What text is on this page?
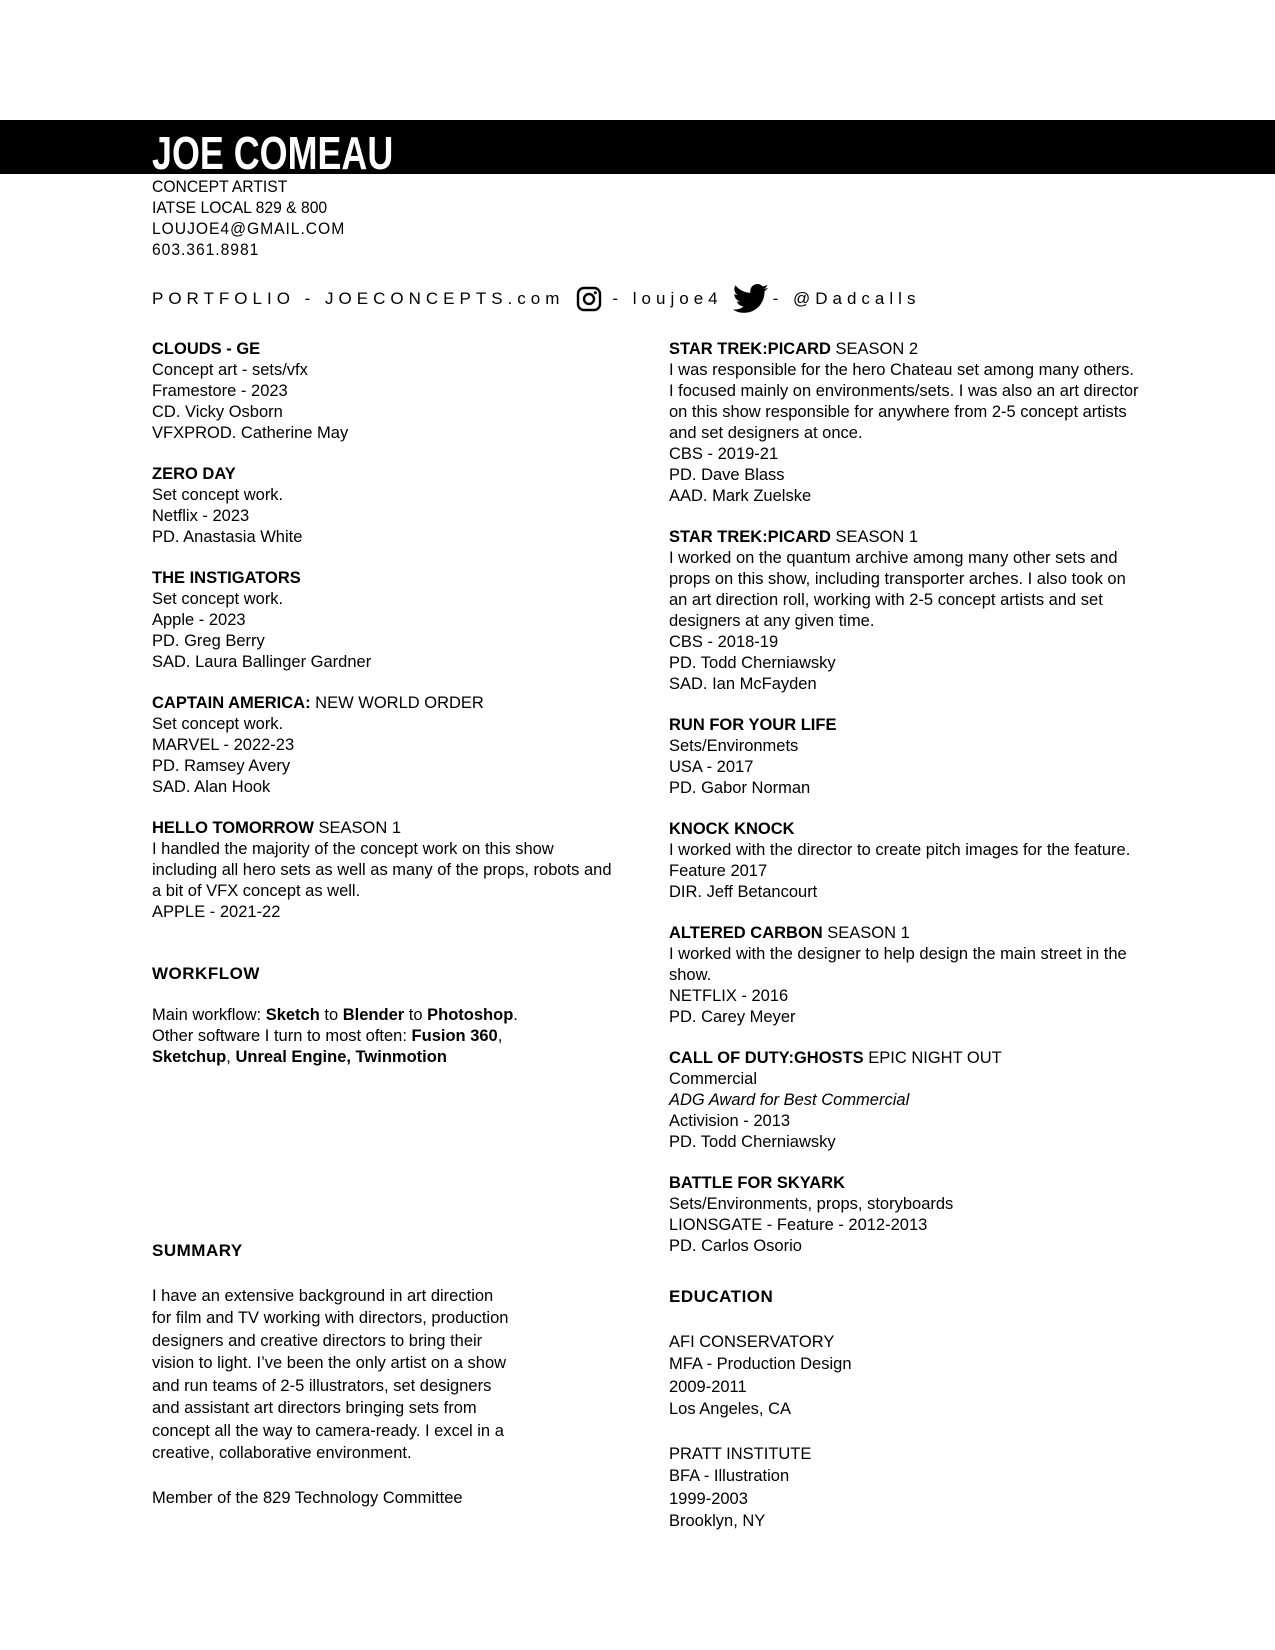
JOE COMEAU
CONCEPT ARTIST
IATSE LOCAL 829 & 800
LOUJOE4@GMAIL.COM
603.361.8981
PORTFOLIO - JOECONCEPTS.com	- loujoe4	- @Dadcalls
CLOUDS - GE
Concept art - sets/vfx
Framestore - 2023
CD. Vicky Osborn
VFXPROD. Catherine May
ZERO DAY
Set concept work.
Netflix - 2023
PD. Anastasia White
THE INSTIGATORS
Set concept work.
Apple - 2023
PD. Greg Berry
SAD. Laura Ballinger Gardner
CAPTAIN AMERICA: NEW WORLD ORDER
Set concept work.
MARVEL - 2022-23
PD. Ramsey Avery
SAD. Alan Hook
HELLO TOMORROW SEASON 1
I handled the majority of the concept work on this show including all hero sets as well as many of the props, robots and a bit of VFX concept as well.
APPLE - 2021-22
WORKFLOW
Main workflow: Sketch to Blender to Photoshop.
Other software I turn to most often: Fusion 360,
Sketchup, Unreal Engine, Twinmotion
SUMMARY

I have an extensive background in art direction for film and TV working with directors, production designers and creative directors to bring their vision to light. I’ve been the only artist on a show and run teams of 2-5 illustrators, set designers and assistant art directors bringing sets from concept all the way to camera-ready. I excel in a creative, collaborative environment.

Member of the 829 Technology Committee

STAR TREK:PICARD SEASON 2
I was responsible for the hero Chateau set among many others. I focused mainly on environments/sets. I was also an art director on this show responsible for anywhere from 2-5 concept artists and set designers at once.
CBS - 2019-21
PD. Dave Blass
AAD. Mark Zuelske
STAR TREK:PICARD SEASON 1
I worked on the quantum archive among many other sets and props on this show, including transporter arches. I also took on an art direction roll, working with 2-5 concept artists and set designers at any given time.
CBS - 2018-19
PD. Todd Cherniawsky
SAD. Ian McFayden
RUN FOR YOUR LIFE
Sets/Environmets
USA - 2017
PD. Gabor Norman
KNOCK KNOCK
I worked with the director to create pitch images for the feature.
Feature 2017
DIR. Jeff Betancourt
ALTERED CARBON SEASON 1
I worked with the designer to help design the main street in the show.
NETFLIX - 2016
PD. Carey Meyer
CALL OF DUTY:GHOSTS EPIC NIGHT OUT
Commercial
ADG Award for Best Commercial
Activision - 2013
PD. Todd Cherniawsky
BATTLE FOR SKYARK
Sets/Environments, props, storyboards
LIONSGATE - Feature - 2012-2013
PD. Carlos Osorio
EDUCATION
AFI CONSERVATORY
MFA - Production Design
2009-2011
Los Angeles, CA
PRATT INSTITUTE
BFA - Illustration
1999-2003
Brooklyn, NY
